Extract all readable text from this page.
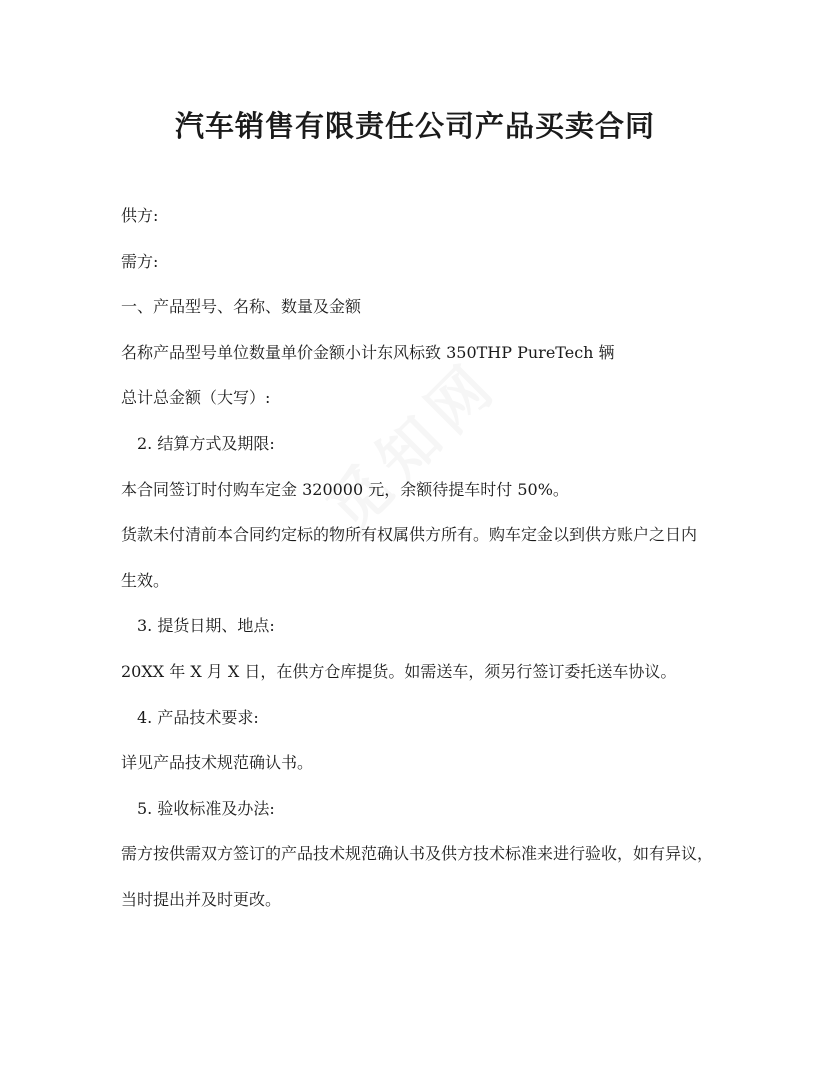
汽车销售有限责任公司产品买卖合同

供方:

需方:

一、产品型号、名称、数量及金额

名称产品型号单位数量单价金额小计东风标致 350THP PureTech 辆

总计总金额（大写）:

2. 结算方式及期限:

本合同签订时付购车定金 320000 元，余额待提车时付 50%。

货款未付清前本合同约定标的物所有权属供方所有。购车定金以到供方账户之日内

生效。

3. 提货日期、地点:

20XX 年 X 月 X 日，在供方仓库提货。如需送车，须另行签订委托送车协议。

4. 产品技术要求:

详见产品技术规范确认书。

5. 验收标准及办法:

需方按供需双方签订的产品技术规范确认书及供方技术标准来进行验收，如有异议，

当时提出并及时更改。
